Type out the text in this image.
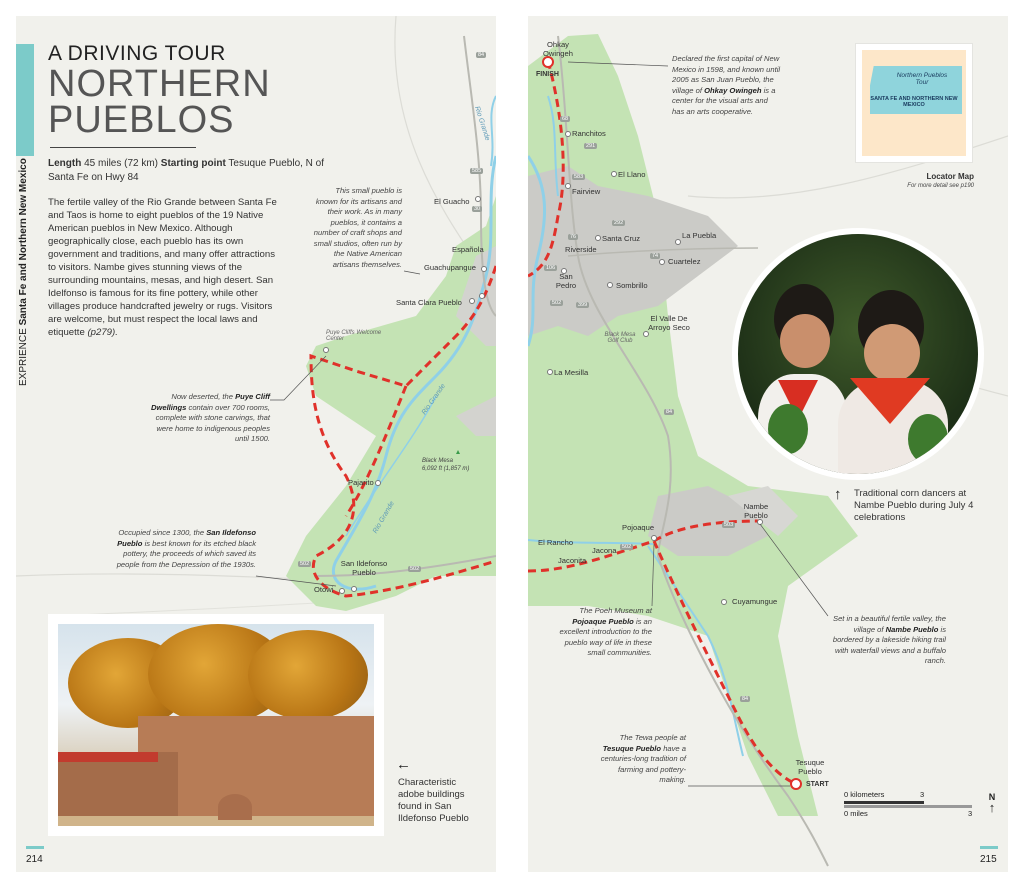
A DRIVING TOUR
NORTHERN PUEBLOS
EXPRIENCE Santa Fe and Northern New Mexico Length 45 miles (72 km) Starting point Tesuque Pueblo, N of Santa Fe on Hwy 84
The fertile valley of the Rio Grande between Santa Fe and Taos is home to eight pueblos of the 19 Native American pueblos in New Mexico. Although geographically close, each pueblo has its own government and traditions, and many offer attractions to visitors. Nambe gives stunning views of the surrounding mountains, mesas, and high desert. San Idelfonso is famous for its fine pottery, while other villages produce handcrafted jewelry or rugs. Visitors are welcome, but must respect the local laws and etiquette (p279).
This small pueblo is known for its artisans and their work. As in many pueblos, it contains a number of craft shops and small studios, often run by the Native American artisans themselves.
Now deserted, the Puye Cliff Dwellings contain over 700 rooms, complete with stone carvings, that were home to indigenous peoples until 1500.
Occupied since 1300, the San Ildefonso Pueblo is best known for its etched black pottery, the proceeds of which saved its people from the Depression of the 1930s.
El Guacho
Española
Guachupangue
Santa Clara Pueblo
Puye Cliffs Welcome Center
Black Mesa
6,092 ft (1,857 m)
Pajarito
San Ildefonso Pueblo
Otowi
Rio Grande
Rio Grande
Rio Grande
84
502
502
30
585
←
Characteristic adobe buildings found in San Ildefonso Pueblo
214
Declared the first capital of New Mexico in 1598, and known until 2005 as San Juan Pueblo, the village of Ohkay Owingeh is a center for the visual arts and has an arts cooperative.
Northern Pueblos Tour
SANTA FE AND NORTHERN NEW MEXICO
Locator Map
For more detail see p190
↑ Traditional corn dancers at Nambe Pueblo during July 4 celebrations
The Poeh Museum at Pojoaque Pueblo is an excellent introduction to the pueblo way of life in these small communities.
Set in a beautiful fertile valley, the village of Nambe Pueblo is bordered by a lakeside hiking trail with waterfall views and a buffalo ranch.
The Tewa people at Tesuque Pueblo have a centuries-long tradition of farming and pottery-making.
Ohkay Owingeh
FINISH
Ranchitos
El Llano
Fairview
Riverside
Santa Cruz	La Puebla
Cuartelez
San Pedro	Sombrillo
El Valle De Arroyo Seco
Black Mesa Golf Club
La Mesilla
Nambe Pueblo
Pojoaque
El Rancho
Jacona
Jaconita
Cuyamungue
Tesuque Pueblo
START
68
291
583
292
76
74
106
502	399
84
502
503
84
0 kilometers	3
0 miles	3
N
↑
215
